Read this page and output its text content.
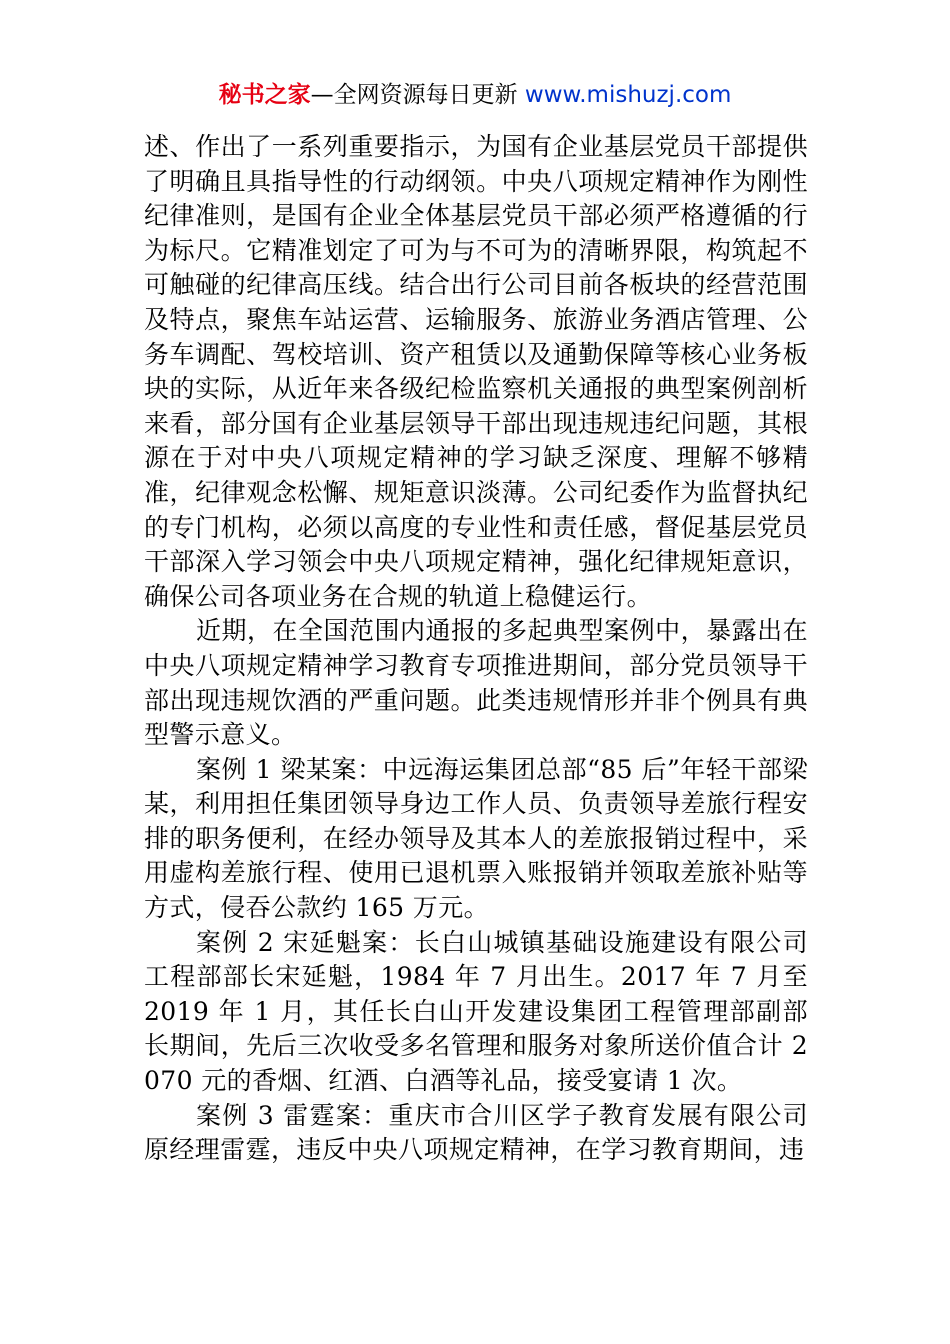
秘书之家—全网资源每日更新 www.mishuzj.com

述、作出了一系列重要指示，为国有企业基层党员干部提供了明确且具指导性的行动纲领。中央八项规定精神作为刚性纪律准则，是国有企业全体基层党员干部必须严格遵循的行为标尺。它精准划定了可为与不可为的清晰界限，构筑起不可触碰的纪律高压线。结合出行公司目前各板块的经营范围及特点，聚焦车站运营、运输服务、旅游业务酒店管理、公务车调配、驾校培训、资产租赁以及通勤保障等核心业务板块的实际，从近年来各级纪检监察机关通报的典型案例剖析来看，部分国有企业基层领导干部出现违规违纪问题，其根源在于对中央八项规定精神的学习缺乏深度、理解不够精准，纪律观念松懈、规矩意识淡薄。公司纪委作为监督执纪的专门机构，必须以高度的专业性和责任感，督促基层党员干部深入学习领会中央八项规定精神，强化纪律规矩意识，确保公司各项业务在合规的轨道上稳健运行。

近期，在全国范围内通报的多起典型案例中，暴露出在中央八项规定精神学习教育专项推进期间，部分党员领导干部出现违规饮酒的严重问题。此类违规情形并非个例具有典型警示意义。

案例 1 梁某案：中远海运集团总部“85 后”年轻干部梁某，利用担任集团领导身边工作人员、负责领导差旅行程安排的职务便利，在经办领导及其本人的差旅报销过程中，采用虚构差旅行程、使用已退机票入账报销并领取差旅补贴等方式，侵吞公款约 165 万元。

案例 2 宋延魁案：长白山城镇基础设施建设有限公司工程部部长宋延魁，1984 年 7 月出生。2017 年 7 月至 2019 年 1 月，其任长白山开发建设集团工程管理部副部长期间，先后三次收受多名管理和服务对象所送价值合计 2070 元的香烟、红酒、白酒等礼品，接受宴请 1 次。

案例 3 雷霆案：重庆市合川区学子教育发展有限公司原经理雷霆，违反中央八项规定精神，在学习教育期间，违
